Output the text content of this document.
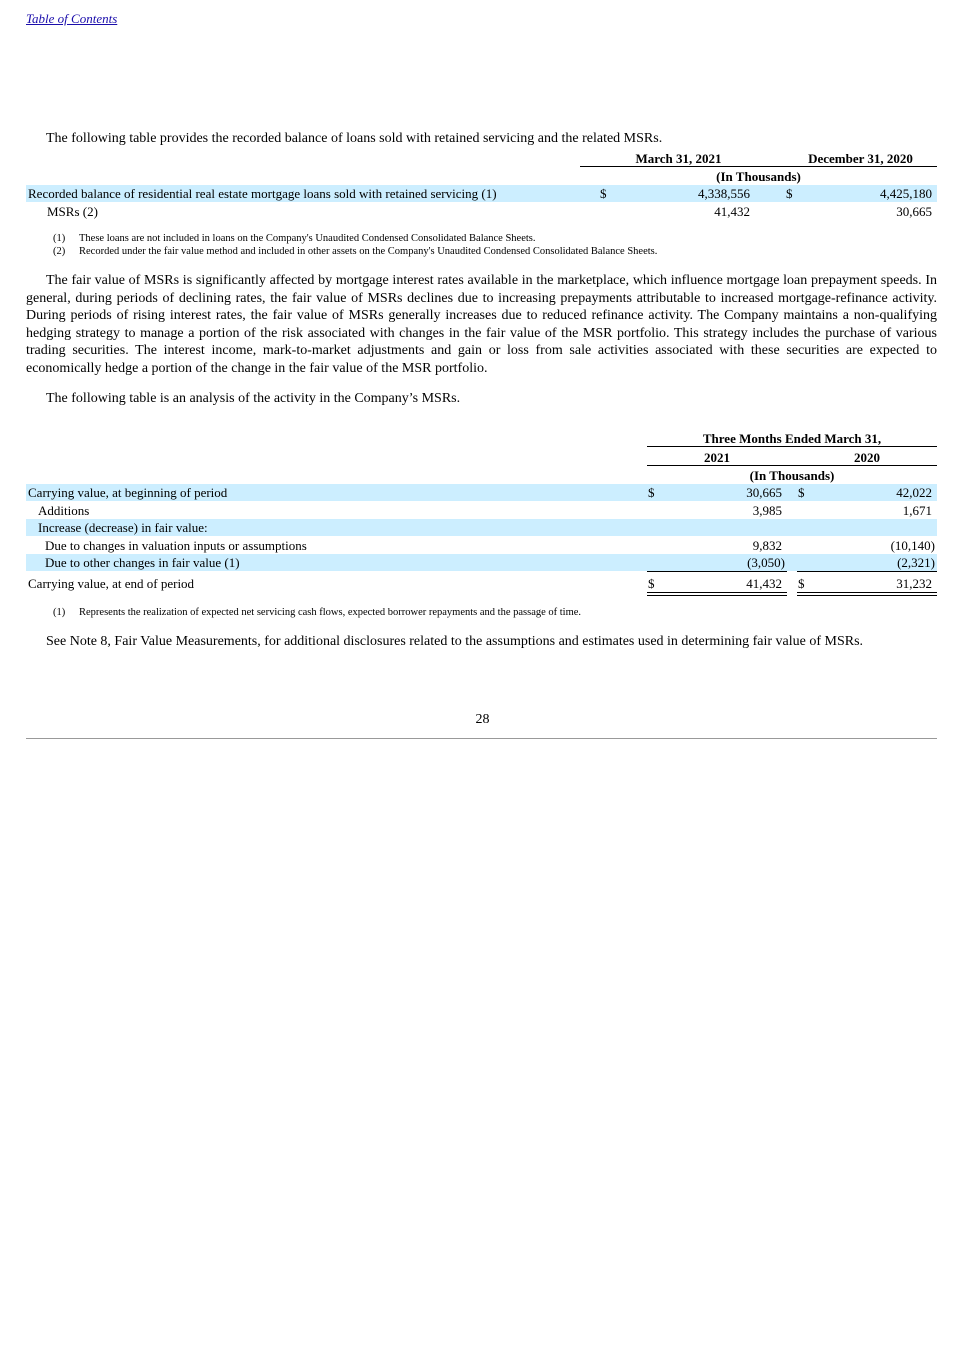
Table of Contents
The following table provides the recorded balance of loans sold with retained servicing and the related MSRs.
March 31, 2021	December 31, 2020
(In Thousands)
Recorded balance of residential real estate mortgage loans sold with retained servicing (1)	$	4,338,556	$	4,425,180
MSRs (2)	41,432	30,665
(1) These loans are not included in loans on the Company's Unaudited Condensed Consolidated Balance Sheets.
(2) Recorded under the fair value method and included in other assets on the Company's Unaudited Condensed Consolidated Balance Sheets.
The fair value of MSRs is significantly affected by mortgage interest rates available in the marketplace, which influence mortgage loan prepayment speeds. In general, during periods of declining rates, the fair value of MSRs declines due to increasing prepayments attributable to increased mortgage-refinance activity. During periods of rising interest rates, the fair value of MSRs generally increases due to reduced refinance activity. The Company maintains a non-qualifying hedging strategy to manage a portion of the risk associated with changes in the fair value of the MSR portfolio. This strategy includes the purchase of various trading securities. The interest income, mark-to-market adjustments and gain or loss from sale activities associated with these securities are expected to economically hedge a portion of the change in the fair value of the MSR portfolio.
The following table is an analysis of the activity in the Company’s MSRs.
Three Months Ended March 31,
2021	2020
(In Thousands)
Carrying value, at beginning of period	$	30,665 $	42,022
Additions	3,985	1,671
Increase (decrease) in fair value:
Due to changes in valuation inputs or assumptions	9,832	(10,140)
Due to other changes in fair value (1)	(3,050)	(2,321)
Carrying value, at end of period	$	41,432 $	31,232
(1) Represents the realization of expected net servicing cash flows, expected borrower repayments and the passage of time.
See Note 8, Fair Value Measurements, for additional disclosures related to the assumptions and estimates used in determining fair value of MSRs.
28
